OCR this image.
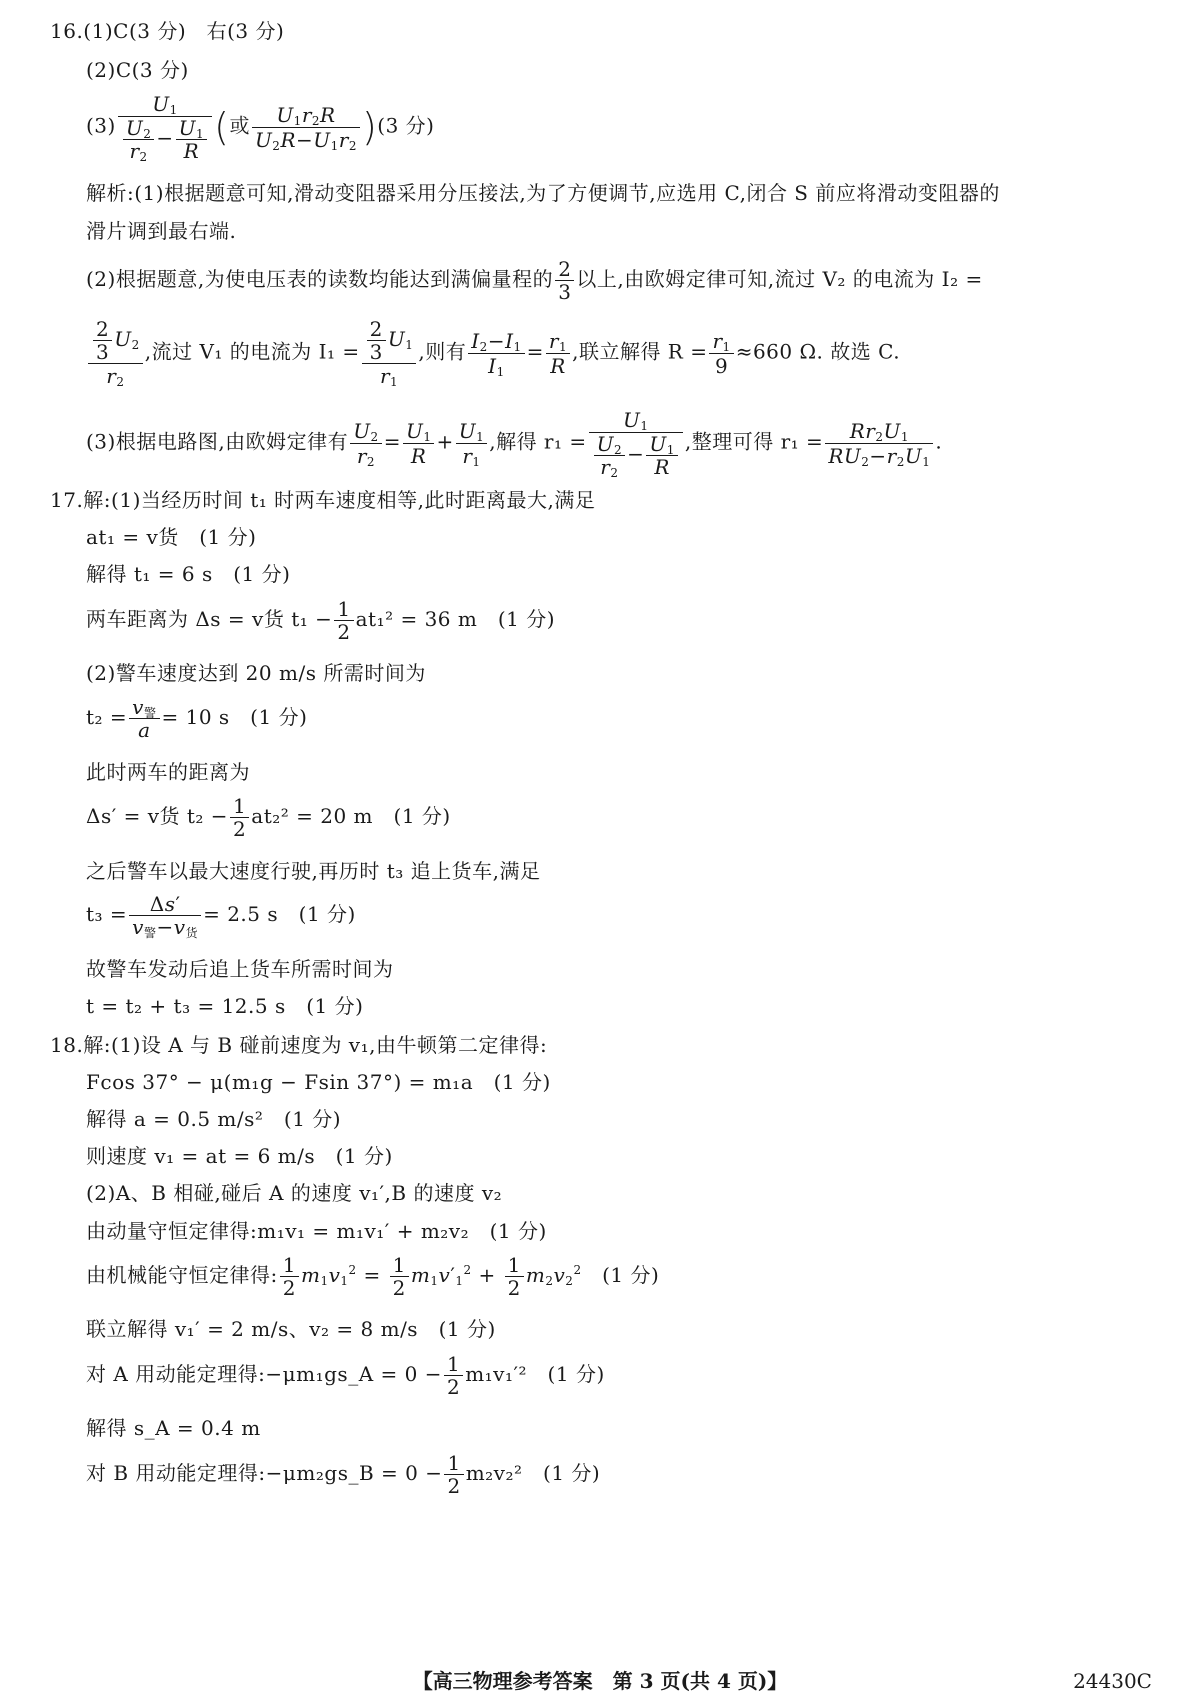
16.(1)C(3 分)　右(3 分)
(2)C(3 分)
$(3) \frac{U_1}{\frac{U_2}{r_2} - \frac{U_1}{R}}$ (或 $\frac{U_1r_2R}{U_2R-U_1r_2} )(3$ 分)
解析:(1)根据题意可知,滑动变阻器采用分压接法,为了方便调节,应选用 C,闭合 S 前应将滑动变阻器的
滑片调到最右端.
(2)根据题意,为使电压表的读数均能达到满偏量程的 $\frac{2}{3}$ 以上,由欧姆定律可知,流过 V₂ 的电流为 I₂ =
$\frac{\frac{2}{3} U_2}{r_2}$ ,流过 V₁ 的电流为 $I_1 = \frac{\frac{2}{3} U_1}{r_1}$ ,则有 $\frac{I_2-I_1}{I_1} = \frac{r_1}{R}$ ,联立解得 $R = \frac{r_1}{9} \approx 660$ Ω. 故选 C.
(3)根据电路图,由欧姆定律有 $\frac{U_2}{r_2} = \frac{U_1}{R} + \frac{U_1}{r_1}$ ,解得 $r_1 = \frac{U_1}{\frac{U_2}{r_2} - \frac{U_1}{R}}$ ,整理可得 $r_1 = \frac{Rr_2U_1}{RU_2-r_2U_1}$ .
17.解:(1)当经历时间 t₁ 时两车速度相等,此时距离最大,满足
at₁ = v货　(1 分)
解得 t₁ = 6 s　(1 分)
两车距离为 Δs = v货 $t_1 - \frac{1}{2} at_1^2 = 36$ m　(1 分)
(2)警车速度达到 20 m/s 所需时间为
$t_2 = \frac{v_警}{a} = 10$ s　(1 分)
此时两车的距离为
Δs′ = v货 $t_2 - \frac{1}{2} at_2^2 = 20$ m　(1 分)
之后警车以最大速度行驶,再历时 t₃ 追上货车,满足
$t_3 = \frac{\Delta s'}{v_警-v_货} = 2.5$ s　(1 分)
故警车发动后追上货车所需时间为
t = t₂ + t₃ = 12.5 s　(1 分)
18.解:(1)设 A 与 B 碰前速度为 v₁,由牛顿第二定律得:
Fcos 37° − μ(m₁g − Fsin 37°) = m₁a　(1 分)
解得 a = 0.5 m/s²　(1 分)
则速度 v₁ = at = 6 m/s　(1 分)
(2)A、B 相碰,碰后 A 的速度 v₁′,B 的速度 v₂
由动量守恒定律得:m₁v₁ = m₁v₁′ + m₂v₂　(1 分)
由机械能守恒定律得: $\frac{1}{2} m_1v_1^2 = \frac{1}{2} m_1v'_1^2 + \frac{1}{2} m_2v_2^2$　 (1 分)
联立解得 v₁′ = 2 m/s、v₂ = 8 m/s　(1 分)
对 A 用动能定理得:−μm₁gs_A = $0 - \frac{1}{2} m_1v_1'^2$　(1 分)
解得 s_A = 0.4 m
对 B 用动能定理得:−μm₂gs_B = $0 - \frac{1}{2} m_2v_2^2$　(1 分)
【高三物理参考答案　第 3 页(共 4 页)】	24430C
